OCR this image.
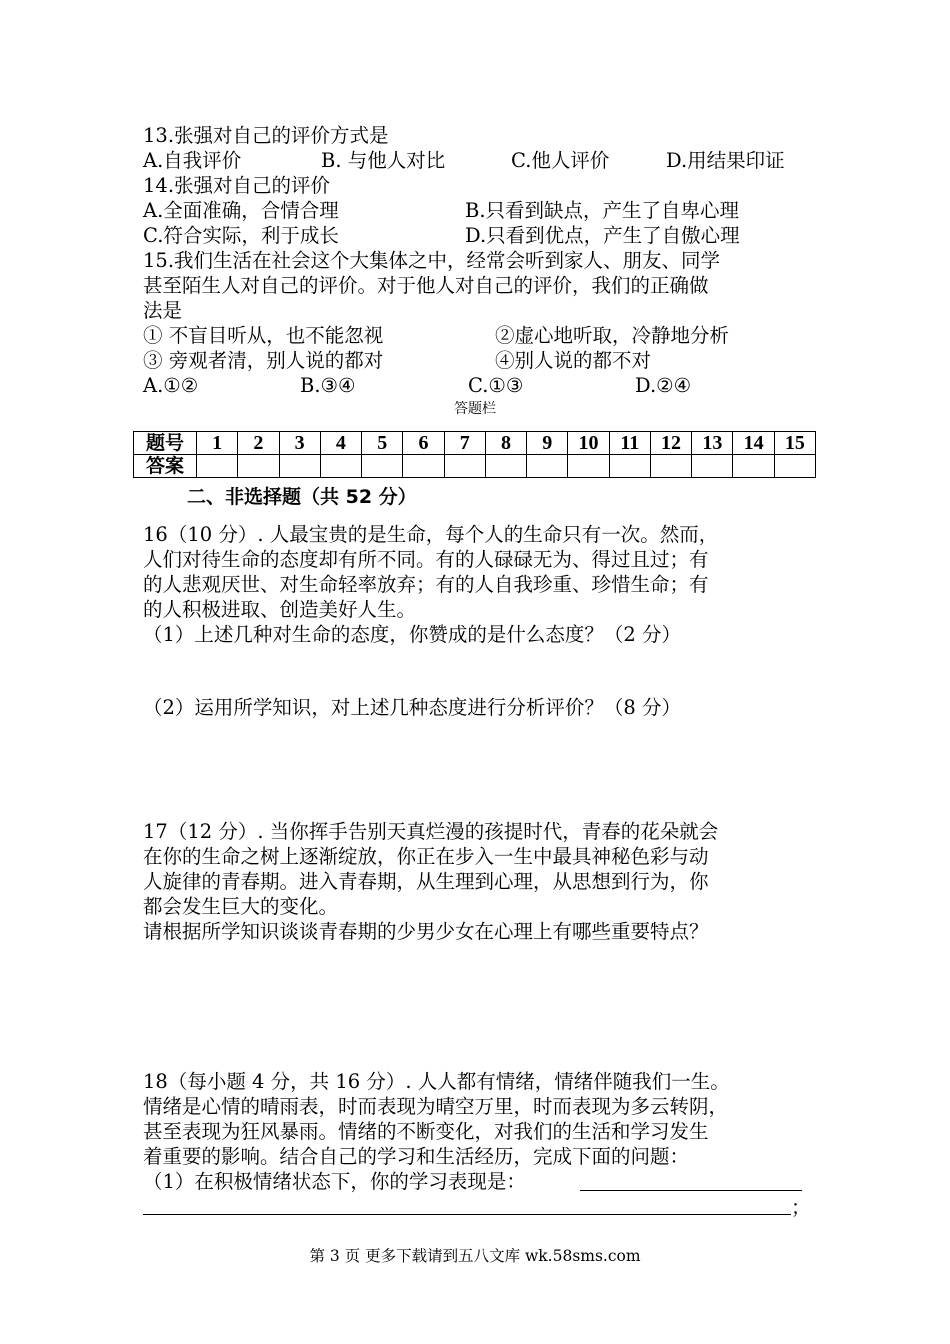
13.张强对自己的评价方式是
A.自我评价	B. 与他人对比	C.他人评价	D.用结果印证
14.张强对自己的评价
A.全面准确，合情合理	B.只看到缺点，产生了自卑心理
C.符合实际，利于成长	D.只看到优点，产生了自傲心理
15.我们生活在社会这个大集体之中，经常会听到家人、朋友、同学
甚至陌生人对自己的评价。对于他人对自己的评价，我们的正确做
法是
① 不盲目听从，也不能忽视	②虚心地听取，冷静地分析
③ 旁观者清，别人说的都对	④别人说的都不对
A.①②	B.③④	C.①③	D.②④
答题栏
题号	1	2	3	4	5	6	7	8	9	10	11	12	13	14	15
答案															
二、非选择题（共 52 分）
16（10 分）. 人最宝贵的是生命，每个人的生命只有一次。然而，
人们对待生命的态度却有所不同。有的人碌碌无为、得过且过；有
的人悲观厌世、对生命轻率放弃；有的人自我珍重、珍惜生命；有
的人积极进取、创造美好人生。
（1）上述几种对生命的态度，你赞成的是什么态度？（2 分）
（2）运用所学知识，对上述几种态度进行分析评价？（8 分）
17（12 分）. 当你挥手告别天真烂漫的孩提时代，青春的花朵就会
在你的生命之树上逐渐绽放，你正在步入一生中最具神秘色彩与动
人旋律的青春期。进入青春期，从生理到心理，从思想到行为，你
都会发生巨大的变化。
请根据所学知识谈谈青春期的少男少女在心理上有哪些重要特点？
18（每小题 4 分，共 16 分）. 人人都有情绪，情绪伴随我们一生。
情绪是心情的晴雨表，时而表现为晴空万里，时而表现为多云转阴，
甚至表现为狂风暴雨。情绪的不断变化，对我们的生活和学习发生
着重要的影响。结合自己的学习和生活经历，完成下面的问题：
（1）在积极情绪状态下，你的学习表现是：
；
第 3 页 更多下载请到五八文库 wk.58sms.com
